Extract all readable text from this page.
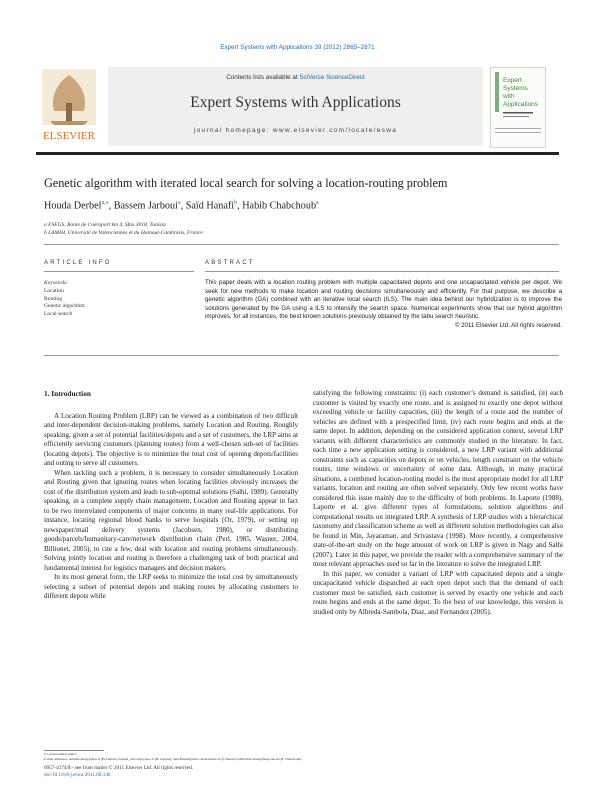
Expert Systems with Applications 39 (2012) 2865–2871
ELSEVIER
Contents lists available at SciVerse ScienceDirect
Expert Systems with Applications
journal homepage: www.elsevier.com/locate/eswa
Expert
Systems
with
Applications
Genetic algorithm with iterated local search for solving a location-routing problem
Houda Derbel$^{a,⁎}$, Bassem Jarboui$^a$, Saïd Hanafi$^b$, Habib Chabchoub$^a$
a FSEGS, Route de l’aéroport km 4, Sfax 3018, Tunisia
b LAMIH, Université de Valenciennes et du Hainaut-Cambrésis, France
ARTICLE INFO	ABSTRACT
Keywords:
Location
Routing
Genetic algorithm
Local search
This paper deals with a location routing problem with multiple capacitated depots and one uncapacitated vehicle per depot. We seek for new methods to make location and routing decisions simultaneously and efficiently. For that purpose, we describe a genetic algorithm (GA) combined with an iterative local search (ILS). The main idea behind our hybridization is to improve the solutions generated by the GA using a ILS to intensify the search space. Numerical experiments show that our hybrid algorithm improves, for all instances, the best known solutions previously obtained by the tabu search heuristic.
© 2011 Elsevier Ltd. All rights reserved.
1. Introduction

A Location Routing Problem (LRP) can be viewed as a combination of two difficult and inter-dependent decision-making problems, namely Location and Routing. Roughly speaking, given a set of potential facilities/depots and a set of customers, the LRP aims at efficiently servicing customers (planning routes) from a well-chosen sub-set of facilities (locating depots). The objective is to minimize the total cost of opening depots/facilities and outing to serve all customers.

When tackling such a problem, it is necessary to consider simultaneously Location and Routing given that ignoring routes when locating facilities obviously increases the cost of the distribution system and leads to sub-optimal solutions (Salhi, 1989). Generally speaking, in a complete supply chain management, Location and Routing appear in fact to be two interrelated components of major concerns in many real-life applications. For instance, locating regional blood banks to serve hospitals (Or, 1979), or setting up newspaper/mail delivery systems (Jacobsen, 1980), or distributing goods/parcels/humanitary-care/network distribution chain (Perl, 1985, Wasner, 2004, Billionet, 2005), to cite a few, deal with location and routing problems simultaneously. Solving jointly location and routing is therefore a challenging task of both practical and fundamental interest for logistics managers and decision makers.

In its most general form, the LRP seeks to minimize the total cost by simultaneously selecting a subset of potential depots and making routes by allocating customers to different depots while

satisfying the following constraints: (i) each customer’s demand is satisfied, (ii) each customer is visited by exactly one route, and is assigned to exactly one depot without exceeding vehicle or facility capacities, (iii) the length of a route and the number of vehicles are defined with a prespecified limit, (iv) each route begins and ends at the same depot. In addition, depending on the considered application context, several LRP variants with different characteristics are commonly studied in the literature. In fact, each time a new application setting is considered, a new LRP variant with additional constraints such as capacities on depots or on vehicles, length constraint on the vehicle routes, time windows or uncertainty of some data. Although, in many practical situations, a combined location-routing model is the most appropriate model for all LRP variants, location and routing are often solved separately. Only few recent works have considered this issue mainly due to the difficulty of both problems. In Laporte (1988), Laporte et al. give different types of formulations, solution algorithms and computational results on integrated LRP. A synthesis of LRP studies with a hierarchical taxonomy and classification scheme as well as different solution methodologies can also be found in Min, Jayaraman, and Srivastava (1998). More recently, a comprehensive state-of-the-art study on the huge amount of work on LRP is given in Nagy and Salhi (2007). Later in this paper, we provide the reader with a comprehensive summary of the most relevant approaches used so far in the literature to solve the integrated LRP.

In this paper, we consider a variant of LRP with capacitated depots and a single uncapacitated vehicle dispatched at each open depot such that the demand of each customer must be satisfied, each customer is served by exactly one vehicle and each route begins and ends at the same depot. To the best of our knowledge, this version is studied only by Albreda-Sambola, Diaz, and Fernandez (2005).

⁎ Corresponding author.
E-mail addresses: derbelhouda@yahoo.fr (H. Derbel), bassem_jarboui@yahoo.fr (B. Jarboui), Said.Hanafi@univ-valenciennes.fr (S. Hanafi), habibchabchoub@fsegs.rnu.tn (H. Chabchoub).
0957-4174/$ - see front matter © 2011 Elsevier Ltd. All rights reserved.
doi:10.1016/j.eswa.2011.08.146
